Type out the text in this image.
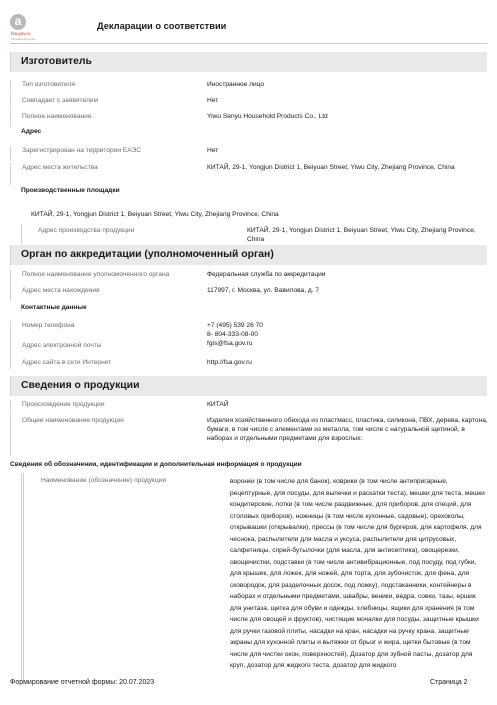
a
fsa.gov.ru
Росаккредитация
Декларации о соответствии
Изготовитель
Тип изготовителя	Иностранное лицо
Совпадает с заявителем	Нет
Полное наименование	Yiwu Senyu Household Products Co., Ltd
Адрес
Зарегистрирован на территории ЕАЭС	Нет
Адрес места жительства	КИТАЙ, 29-1, Yongjun District 1, Beiyuan Street, Yiwu City, Zhejiang Province, China
Производственные площадки
КИТАЙ, 29-1, Yongjun District 1, Beiyuan Street, Yiwu City, Zhejiang Province, China
Адрес производства продукции	КИТАЙ, 29-1, Yongjun District 1, Beiyuan Street, Yiwu City, Zhejiang Province, China
Орган по аккредитации (уполномоченный орган)
Полное наименование уполномоченного органа	Федеральная служба по аккредитации
Адрес места нахождения	117997, г. Москва, ул. Вавилова, д. 7
Контактные данные
Номер телефона	+7 (495) 539 26 70
8- 804-333-08-00
Адрес электронной почты	fgis@fsa.gov.ru
Адрес сайта в сети Интернет	http://fsa.gov.ru
Сведения о продукции
Происхождение продукции	КИТАЙ
Общее наименование продукции	Изделия хозяйственного обихода из пластмасс, пластика, силикона, ПВХ, дерева, картона, бумаги, в том числе с элементами из металла, том числе с натуральной щетиной, в наборах и отдельными предметами для взрослых:
Сведения об обозначении, идентификации и дополнительная информация о продукции
Наименование (обозначение) продукции	воронки (в том числе для банок), коврики (в том числе антипригарные, рецептурные, для посуды, для выпечки и раскатки теста), мешки для теста, мешки кондитерские, лотки (в том числе раздвижные, для приборов, для специй, для столовых приборов), ножницы (в том числе кухонные, садовые), орехоколы, открывашки (открывалки), прессы (в том числе для бургеров, для картофеля, для чеснока, распылители для масла и уксуса, распылители для цитрусовых, салфетницы, спрей-бутылочки (для масла, для антисептика), овощерезки, овощечистки, подставки (в том числе антивибрационные, под посуду, под губки, для крышек, для ложек, для ножей, для торта, для зубочисток, для фена, для сковородок, для разделочных досок, под ложку), подстаканники, контейнеры в наборах и отдельными предметами, швабры, веники, ведра, совки, тазы, ершик для унитаза, щетка для обуви и одежды, хлебницы, ящики для хранения (в том числе для овощей и фруктов), чистящие мочалки для посуды, защитные крышки для ручки газовой плиты, насадки на кран, насадки на ручку крана, защитные экраны для кухонной плиты и вытяжки от брызг и жира, щетки бытовые (в том числе для чистки окон, поверхностей), Дозатор для зубной пасты, дозатор для круп, дозатор для жидкого теста, дозатор для жидкого
Формирование отчетной формы: 20.07.2023	Страница 2
